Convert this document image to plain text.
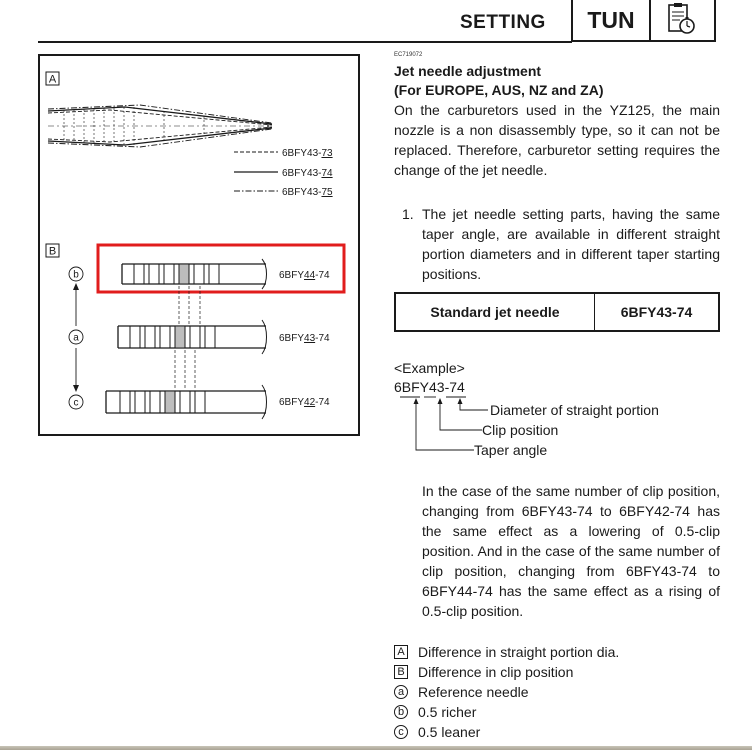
SETTING	TUN
A
6BFY43-73
6BFY43-74
6BFY43-75
B
b
a
c
6BFY44-74
6BFY43-74
6BFY42-74
EC719072
Jet needle adjustment
(For EUROPE, AUS, NZ and ZA)
On the carburetors used in the YZ125, the main nozzle is a non disassembly type, so it can not be replaced. Therefore, carburetor setting requires the change of the jet needle.
1. The jet needle setting parts, having the same taper angle, are available in different straight portion diameters and in different taper starting positions.
Standard jet needle	6BFY43-74
<Example>
6BFY43-74
Diameter of straight portion
Clip position
Taper angle
In the case of the same number of clip position, changing from 6BFY43-74 to 6BFY42-74 has the same effect as a lowering of 0.5-clip position. And in the case of the same number of clip position, changing from 6BFY43-74 to 6BFY44-74 has the same effect as a rising of 0.5-clip position.
A Difference in straight portion dia.
B Difference in clip position
a Reference needle
b 0.5 richer
c	0.5 leaner
